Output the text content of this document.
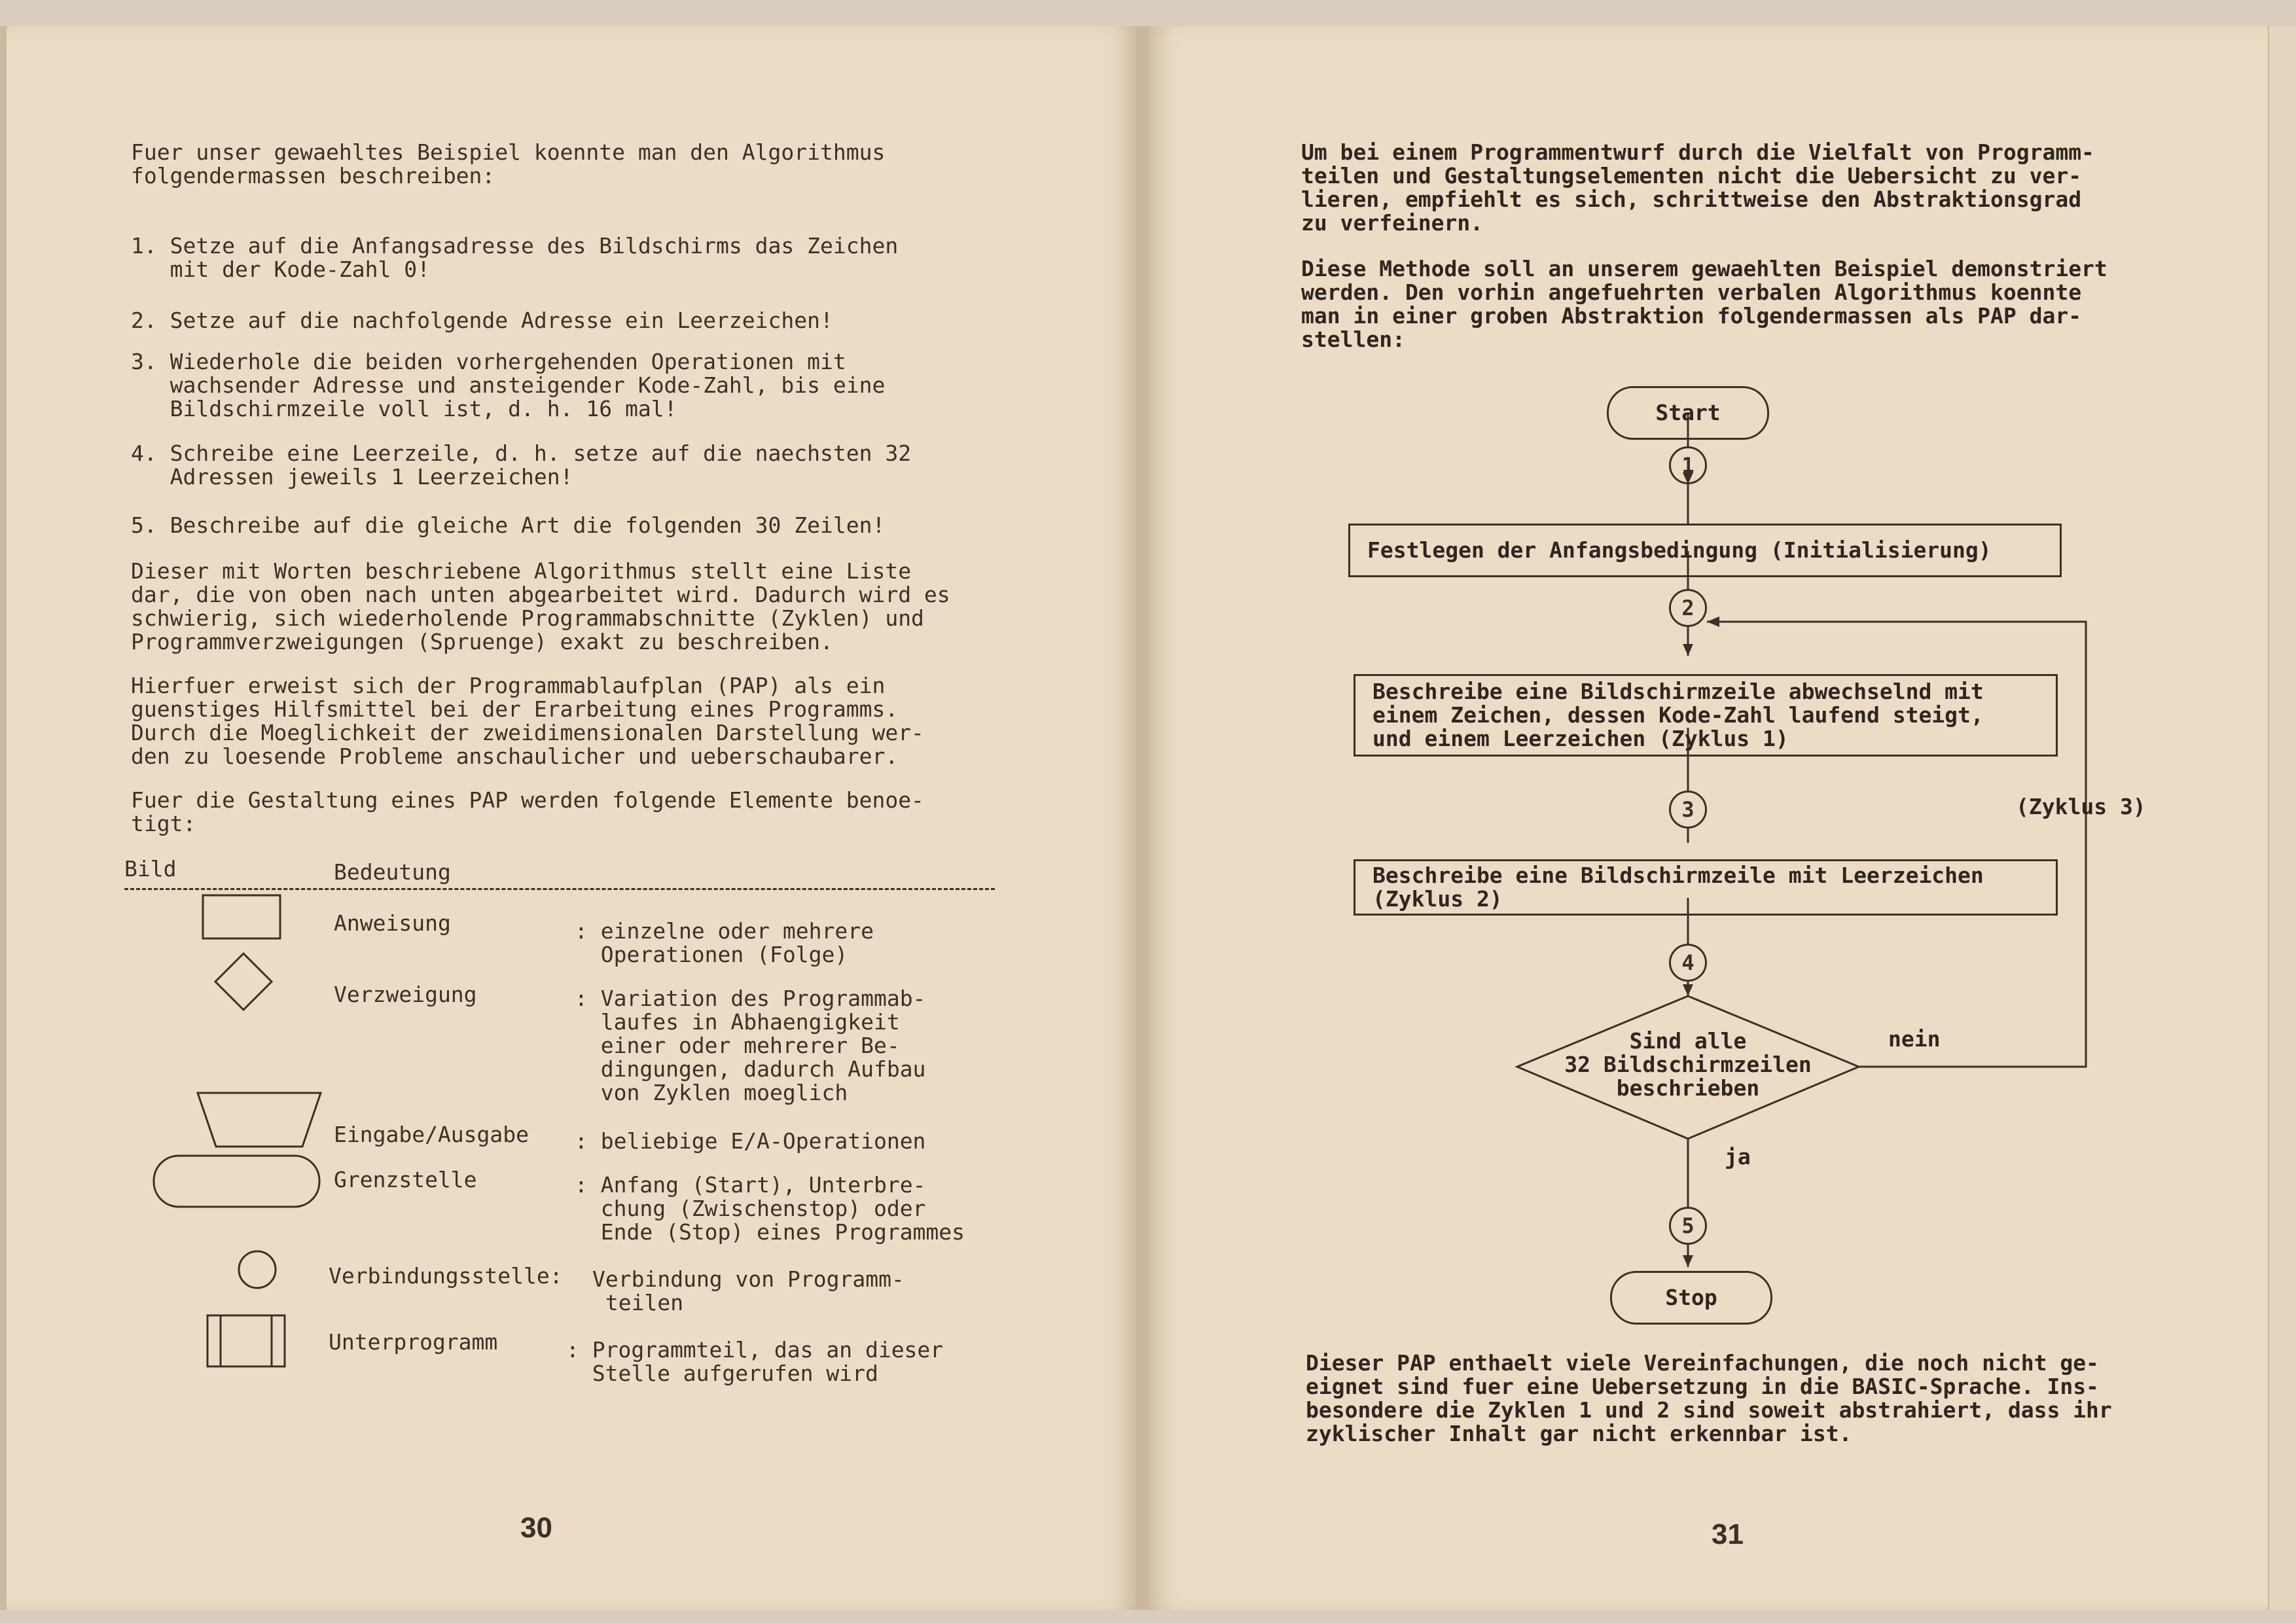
Fuer unser gewaehltes Beispiel koennte man den Algorithmus
folgendermassen beschreiben:

1. Setze auf die Anfangsadresse des Bildschirms das Zeichen
mit der Kode-Zahl 0!

2. Setze auf die nachfolgende Adresse ein Leerzeichen!

3. Wiederhole die beiden vorhergehenden Operationen mit
wachsender Adresse und ansteigender Kode-Zahl, bis eine
Bildschirmzeile voll ist, d. h. 16 mal!

4. Schreibe eine Leerzeile, d. h. setze auf die naechsten 32
Adressen jeweils 1 Leerzeichen!

5. Beschreibe auf die gleiche Art die folgenden 30 Zeilen!

Dieser mit Worten beschriebene Algorithmus stellt eine Liste
dar, die von oben nach unten abgearbeitet wird. Dadurch wird es
schwierig, sich wiederholende Programmabschnitte (Zyklen) und
Programmverzweigungen (Spruenge) exakt zu beschreiben.

Hierfuer erweist sich der Programmablaufplan (PAP) als ein
guenstiges Hilfsmittel bei der Erarbeitung eines Programms.
Durch die Moeglichkeit der zweidimensionalen Darstellung wer-
den zu loesende Probleme anschaulicher und ueberschaubarer.

Fuer die Gestaltung eines PAP werden folgende Elemente benoe-
tigt:

Bild	Bedeutung
Anweisung	: einzelne oder mehrere
Operationen (Folge)
Verzweigung	: Variation des Programmab-
laufes in Abhaengigkeit
einer oder mehrerer Be-
dingungen, dadurch Aufbau
von Zyklen moeglich
Eingabe/Ausgabe : beliebige E/A-Operationen
Grenzstelle	: Anfang (Start), Unterbre-
chung (Zwischenstop) oder
Ende (Stop) eines Programmes
Verbindungsstelle: Verbindung von Programm-
teilen
Unterprogramm	: Programmteil, das an dieser
Stelle aufgerufen wird
30

Um bei einem Programmentwurf durch die Vielfalt von Programm-
teilen und Gestaltungselementen nicht die Uebersicht zu ver-
lieren, empfiehlt es sich, schrittweise den Abstraktionsgrad
zu verfeinern.

Diese Methode soll an unserem gewaehlten Beispiel demonstriert
werden. Den vorhin angefuehrten verbalen Algorithmus koennte
man in einer groben Abstraktion folgendermassen als PAP dar-
stellen:

Start
1
Festlegen der Anfangsbedingung (Initialisierung)
2
Beschreibe eine Bildschirmzeile abwechselnd mit
einem Zeichen, dessen Kode-Zahl laufend steigt,
und einem Leerzeichen (Zyklus 1)
3
Beschreibe eine Bildschirmzeile mit Leerzeichen
(Zyklus 2)
4
Sind alle
32 Bildschirmzeilen
beschrieben
nein
ja
(Zyklus 3)
5
Stop

Dieser PAP enthaelt viele Vereinfachungen, die noch nicht ge-
eignet sind fuer eine Uebersetzung in die BASIC-Sprache. Ins-
besondere die Zyklen 1 und 2 sind soweit abstrahiert, dass ihr
zyklischer Inhalt gar nicht erkennbar ist.

31
